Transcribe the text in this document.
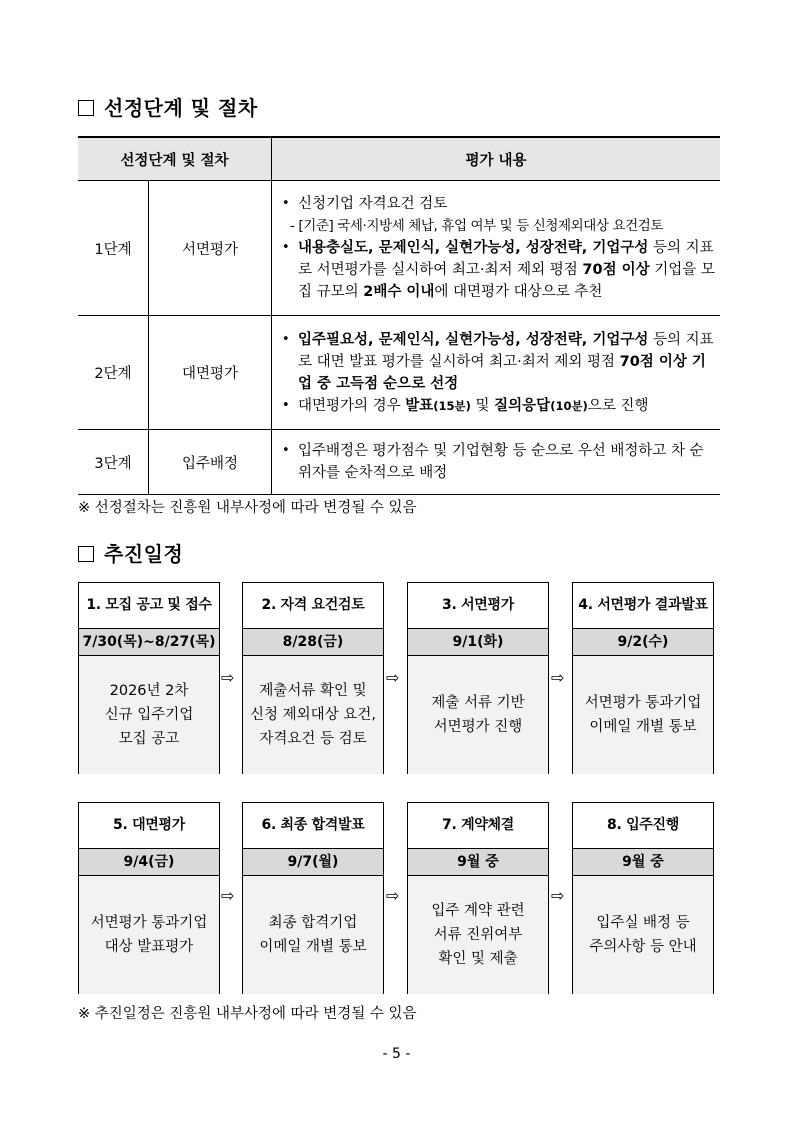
선정단계 및 절차
선정단계 및 절차		평가 내용
1단계	서면평가	• 신청기업 자격요건 검토
- [기준] 국세·지방세 체납, 휴업 여부 및 등 신청제외대상 요건검토
• 내용충실도, 문제인식, 실현가능성, 성장전략, 기업구성 등의 지표로 서면평가를 실시하여 최고·최저 제외 평점 70점 이상 기업을 모집 규모의 2배수 이내에 대면평가 대상으로 추천

2단계	대면평가	• 입주필요성, 문제인식, 실현가능성, 성장전략, 기업구성 등의 지표로 대면 발표 평가를 실시하여 최고·최저 제외 평점 70점 이상 기업 중 고득점 순으로 선정
• 대면평가의 경우 발표(15분) 및 질의응답(10분)으로 진행

3단계	입주배정	• 입주배정은 평가점수 및 기업현황 등 순으로 우선 배정하고 차 순위자를 순차적으로 배정
※ 선정절차는 진흥원 내부사정에 따라 변경될 수 있음
추진일정
1. 모집 공고 및 접수
7/30(목)~8/27(목)
2026년 2차
신규 입주기업
모집 공고
⇨
2. 자격 요건검토
8/28(금)
제출서류 확인 및
신청 제외대상 요건,
자격요건 등 검토
⇨
3. 서면평가
9/1(화)
제출 서류 기반
서면평가 진행
⇨
4. 서면평가 결과발표
9/2(수)
서면평가 통과기업
이메일 개별 통보
5. 대면평가
9/4(금)
서면평가 통과기업
대상 발표평가
⇨
6. 최종 합격발표
9/7(월)
최종 합격기업
이메일 개별 통보
⇨
7. 계약체결
9월 중
입주 계약 관련
서류 진위여부
확인 및 제출
⇨
8. 입주진행
9월 중
입주실 배정 등
주의사항 등 안내
※ 추진일정은 진흥원 내부사정에 따라 변경될 수 있음
- 5 -
